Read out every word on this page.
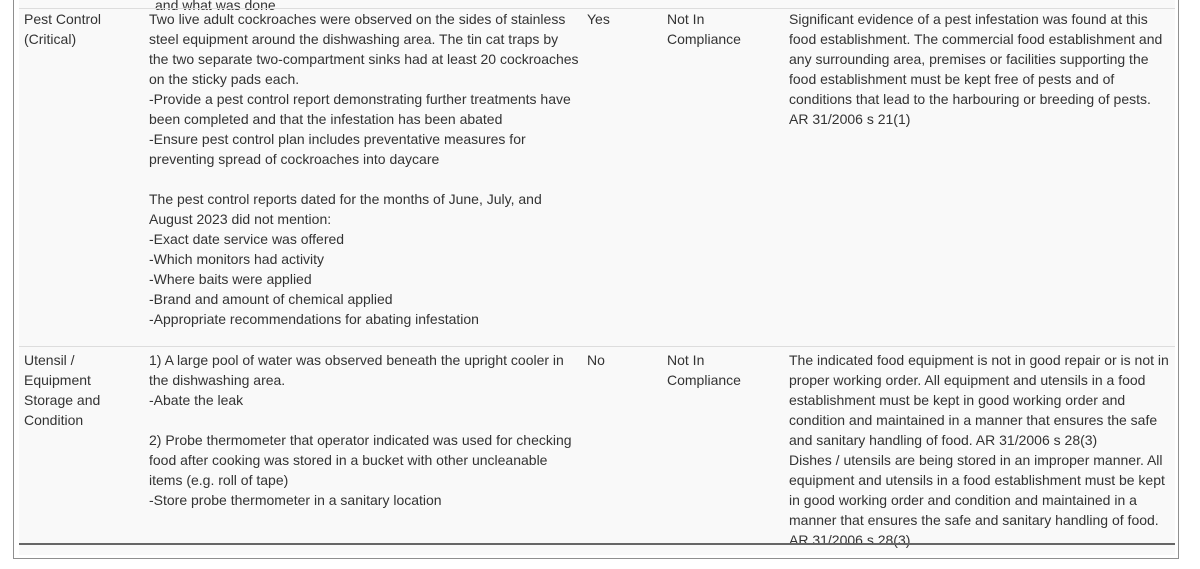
and what was done
Pest Control
(Critical)
Two live adult cockroaches were observed on the sides of stainless
steel equipment around the dishwashing area. The tin cat traps by
the two separate two-compartment sinks had at least 20 cockroaches
on the sticky pads each.
-Provide a pest control report demonstrating further treatments have
been completed and that the infestation has been abated
-Ensure pest control plan includes preventative measures for
preventing spread of cockroaches into daycare
The pest control reports dated for the months of June, July, and
August 2023 did not mention:
-Exact date service was offered
-Which monitors had activity
-Where baits were applied
-Brand and amount of chemical applied
-Appropriate recommendations for abating infestation
Yes	Not In
Compliance
Significant evidence of a pest infestation was found at this
food establishment. The commercial food establishment and
any surrounding area, premises or facilities supporting the
food establishment must be kept free of pests and of
conditions that lead to the harbouring or breeding of pests.
AR 31/2006 s 21(1)
Utensil /
Equipment
Storage and
Condition
1) A large pool of water was observed beneath the upright cooler in
the dishwashing area.
-Abate the leak
2) Probe thermometer that operator indicated was used for checking
food after cooking was stored in a bucket with other uncleanable
items (e.g. roll of tape)
-Store probe thermometer in a sanitary location
No	Not In
Compliance
The indicated food equipment is not in good repair or is not in
proper working order. All equipment and utensils in a food
establishment must be kept in good working order and
condition and maintained in a manner that ensures the safe
and sanitary handling of food. AR 31/2006 s 28(3)
Dishes / utensils are being stored in an improper manner. All
equipment and utensils in a food establishment must be kept
in good working order and condition and maintained in a
manner that ensures the safe and sanitary handling of food.
AR 31/2006 s 28(3)
